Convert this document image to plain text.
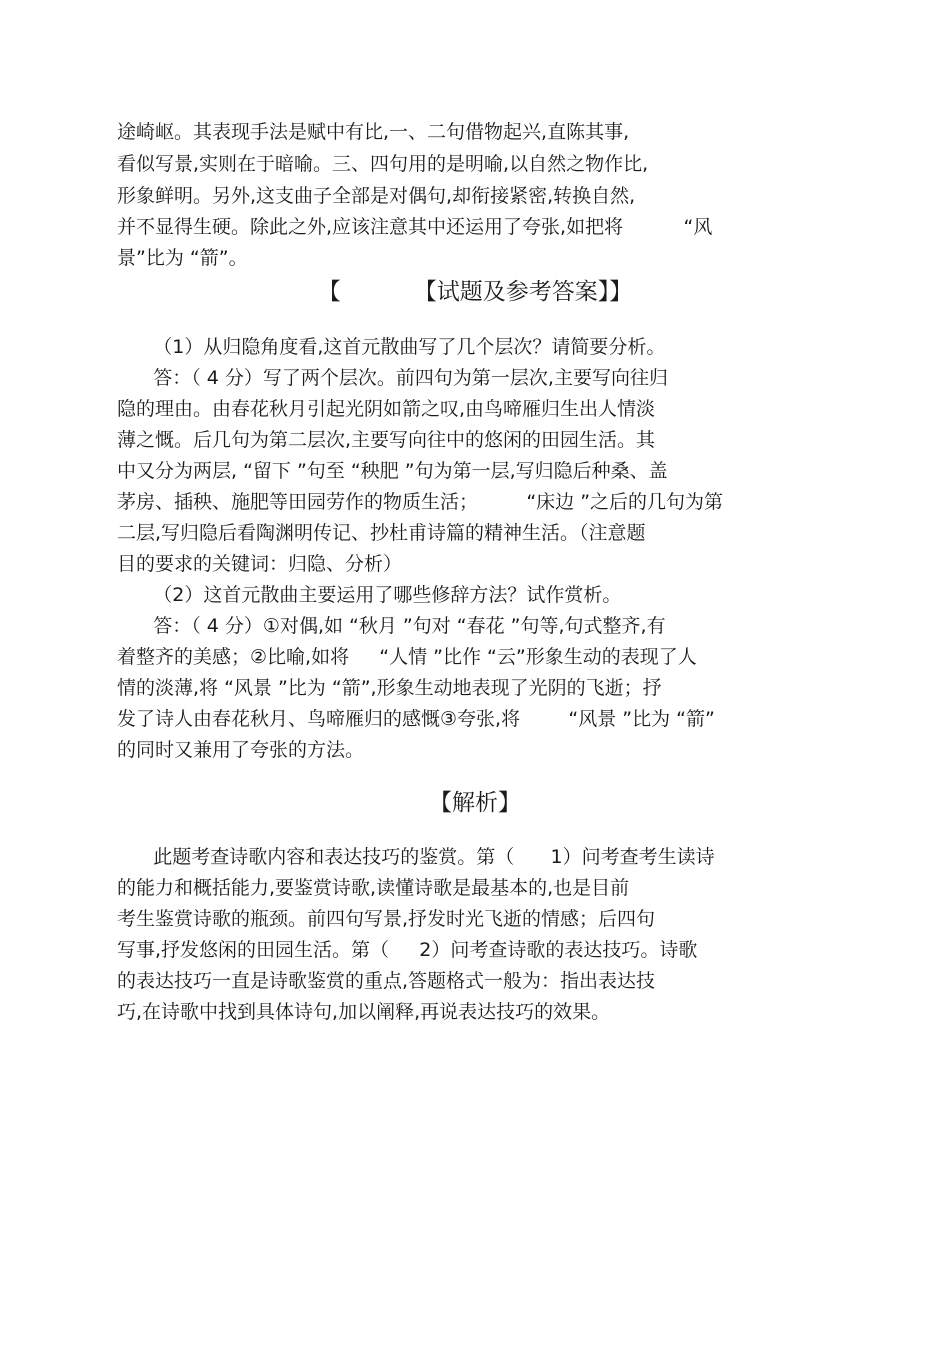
途崎岖。其表现手法是赋中有比,一、二句借物起兴,直陈其事,
看似写景,实则在于暗喻。三、四句用的是明喻,以自然之物作比,
形象鲜明。另外,这支曲子全部是对偶句,却衔接紧密,转换自然,
并不显得生硬。除此之外,应该注意其中还运用了夸张,如把将          “风
景”比为 “箭”。
【          【试题及参考答案】】
（1）从归隐角度看,这首元散曲写了几个层次？请简要分析。
答：（ 4 分）写了两个层次。前四句为第一层次,主要写向往归
隐的理由。由春花秋月引起光阴如箭之叹,由鸟啼雁归生出人情淡
薄之慨。后几句为第二层次,主要写向往中的悠闲的田园生活。其
中又分为两层, “留下 ”句至 “秧肥 ”句为第一层,写归隐后种桑、盖
茅房、插秧、施肥等田园劳作的物质生活；        “床边 ”之后的几句为第
二层,写归隐后看陶渊明传记、抄杜甫诗篇的精神生活。（注意题
目的要求的关键词：归隐、分析）
（2）这首元散曲主要运用了哪些修辞方法？试作赏析。
答：（ 4 分）①对偶,如 “秋月 ”句对 “春花 ”句等,句式整齐,有
着整齐的美感；②比喻,如将     “人情 ”比作 “云”形象生动的表现了人
情的淡薄,将 “风景 ”比为 “箭”,形象生动地表现了光阴的飞逝；抒
发了诗人由春花秋月、鸟啼雁归的感慨③夸张,将        “风景 ”比为 “箭”
的同时又兼用了夸张的方法。
【解析】
此题考查诗歌内容和表达技巧的鉴赏。第（      1）问考查考生读诗
的能力和概括能力,要鉴赏诗歌,读懂诗歌是最基本的,也是目前
考生鉴赏诗歌的瓶颈。前四句写景,抒发时光飞逝的情感；后四句
写事,抒发悠闲的田园生活。第（     2）问考查诗歌的表达技巧。诗歌
的表达技巧一直是诗歌鉴赏的重点,答题格式一般为：指出表达技
巧,在诗歌中找到具体诗句,加以阐释,再说表达技巧的效果。
